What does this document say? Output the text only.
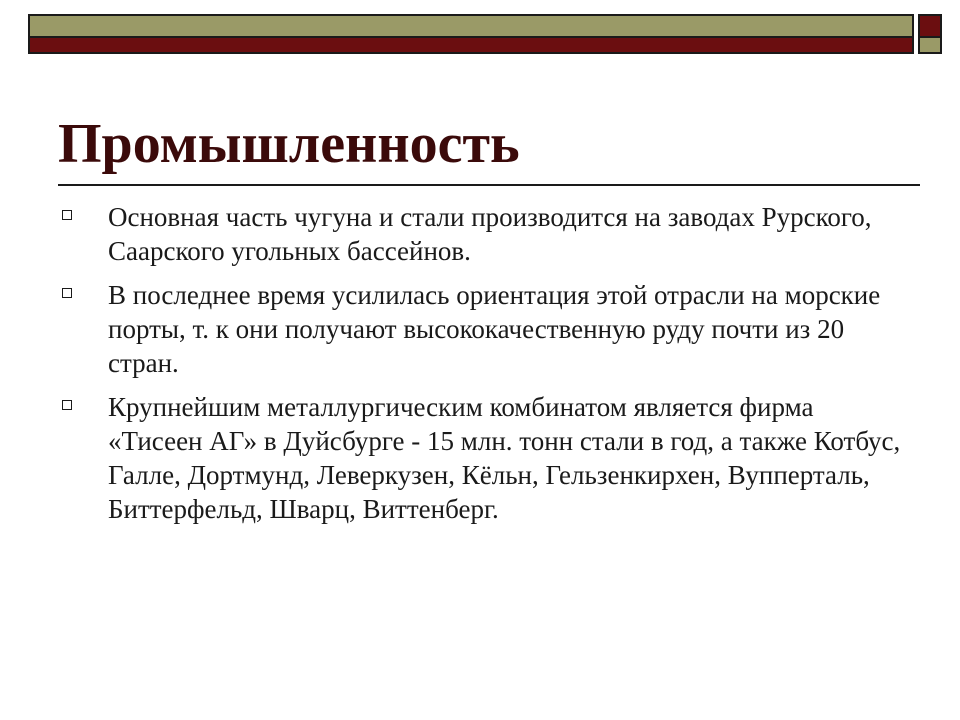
Промышленность
Основная часть чугуна и стали производится на заводах Рурского, Саарского угольных бассейнов.
В последнее время усилилась ориентация этой отрасли на морские порты, т. к они получают высококачественную руду почти из 20 стран.
Крупнейшим металлургическим комбинатом является фирма «Тисеен АГ» в Дуйсбурге - 15 млн. тонн стали в год, а также Котбус, Галле, Дортмунд, Леверкузен, Кёльн, Гельзенкирхен, Вупперталь, Биттерфельд, Шварц, Виттенберг.
